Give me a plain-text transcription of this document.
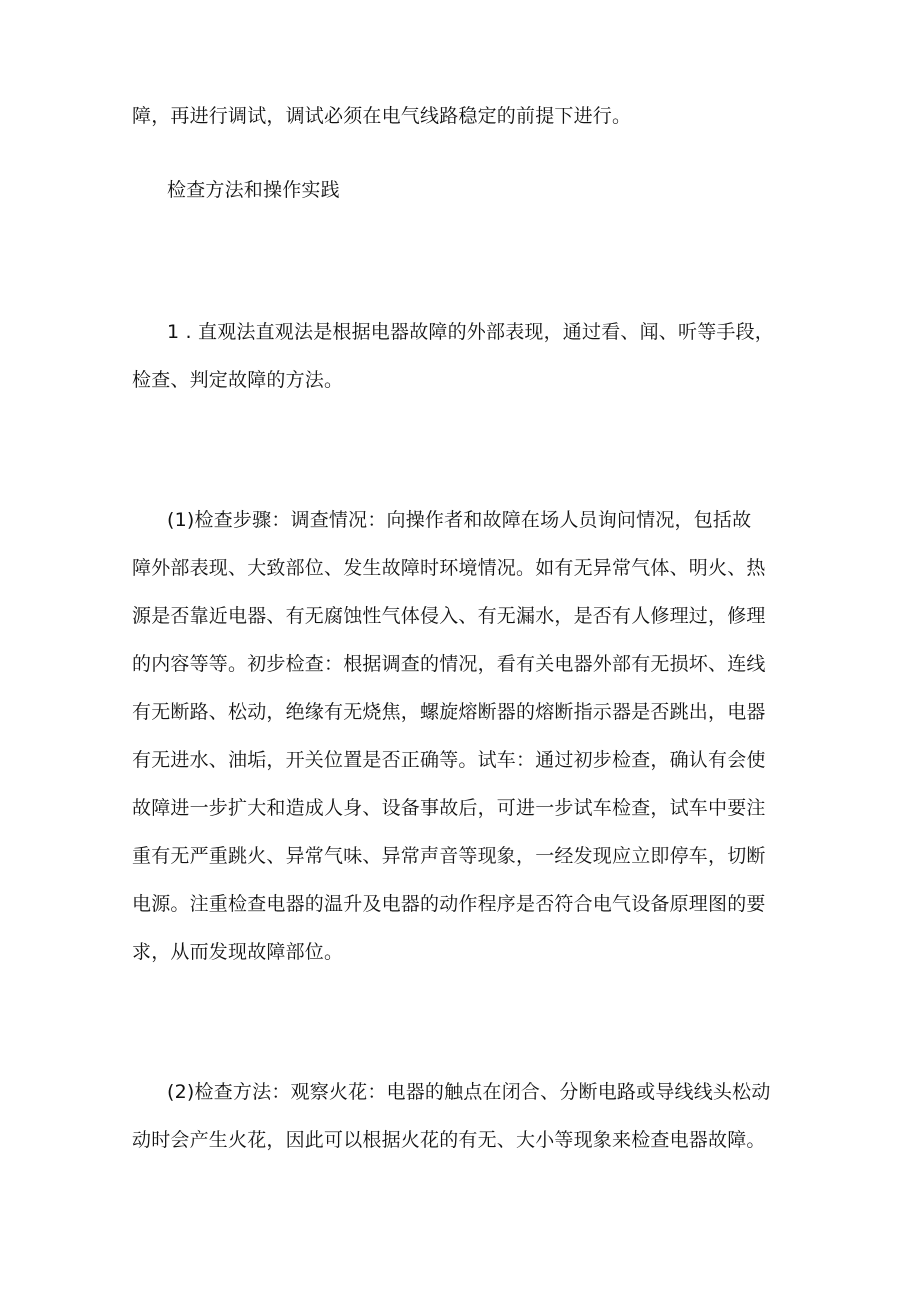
障，再进行调试，调试必须在电气线路稳定的前提下进行。
检查方法和操作实践
1 . 直观法直观法是根据电器故障的外部表现，通过看、闻、听等手段，
检查、判定故障的方法。
(1)检查步骤：调查情况：向操作者和故障在场人员询问情况，包括故
障外部表现、大致部位、发生故障时环境情况。如有无异常气体、明火、热
源是否靠近电器、有无腐蚀性气体侵入、有无漏水，是否有人修理过，修理
的内容等等。初步检查：根据调查的情况，看有关电器外部有无损坏、连线
有无断路、松动，绝缘有无烧焦，螺旋熔断器的熔断指示器是否跳出，电器
有无进水、油垢，开关位置是否正确等。试车：通过初步检查，确认有会使
故障进一步扩大和造成人身、设备事故后，可进一步试车检查，试车中要注
重有无严重跳火、异常气味、异常声音等现象，一经发现应立即停车，切断
电源。注重检查电器的温升及电器的动作程序是否符合电气设备原理图的要
求，从而发现故障部位。
(2)检查方法：观察火花：电器的触点在闭合、分断电路或导线线头松动
动时会产生火花，因此可以根据火花的有无、大小等现象来检查电器故障。
